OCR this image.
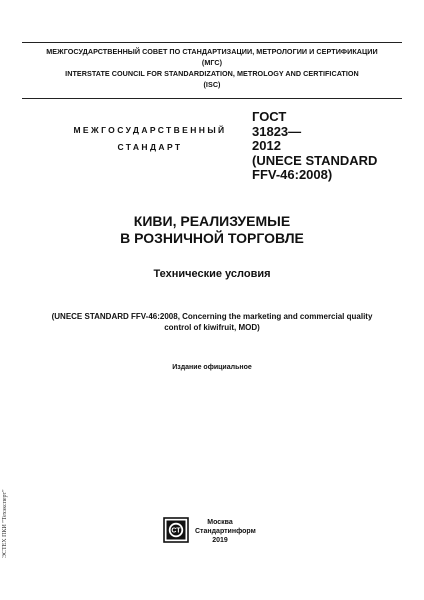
МЕЖГОСУДАРСТВЕННЫЙ СОВЕТ ПО СТАНДАРТИЗАЦИИ, МЕТРОЛОГИИ И СЕРТИФИКАЦИИ
(МГС)
INTERSTATE COUNCIL FOR STANDARDIZATION, METROLOGY AND CERTIFICATION
(ISC)
МЕЖГОСУДАРСТВЕННЫЙ
СТАНДАРТ
ГОСТ
31823—
2012
(UNECE STANDARD
FFV-46:2008)
КИВИ, РЕАЛИЗУЕМЫЕ
В РОЗНИЧНОЙ ТОРГОВЛЕ
Технические условия
(UNECE STANDARD FFV-46:2008, Concerning the marketing and commercial quality
control of kiwifruit, MOD)
Издание официальное
СТ
Москва
Стандартинформ
2019
ЭСТЕХ ПКИ "Техэксперт"
